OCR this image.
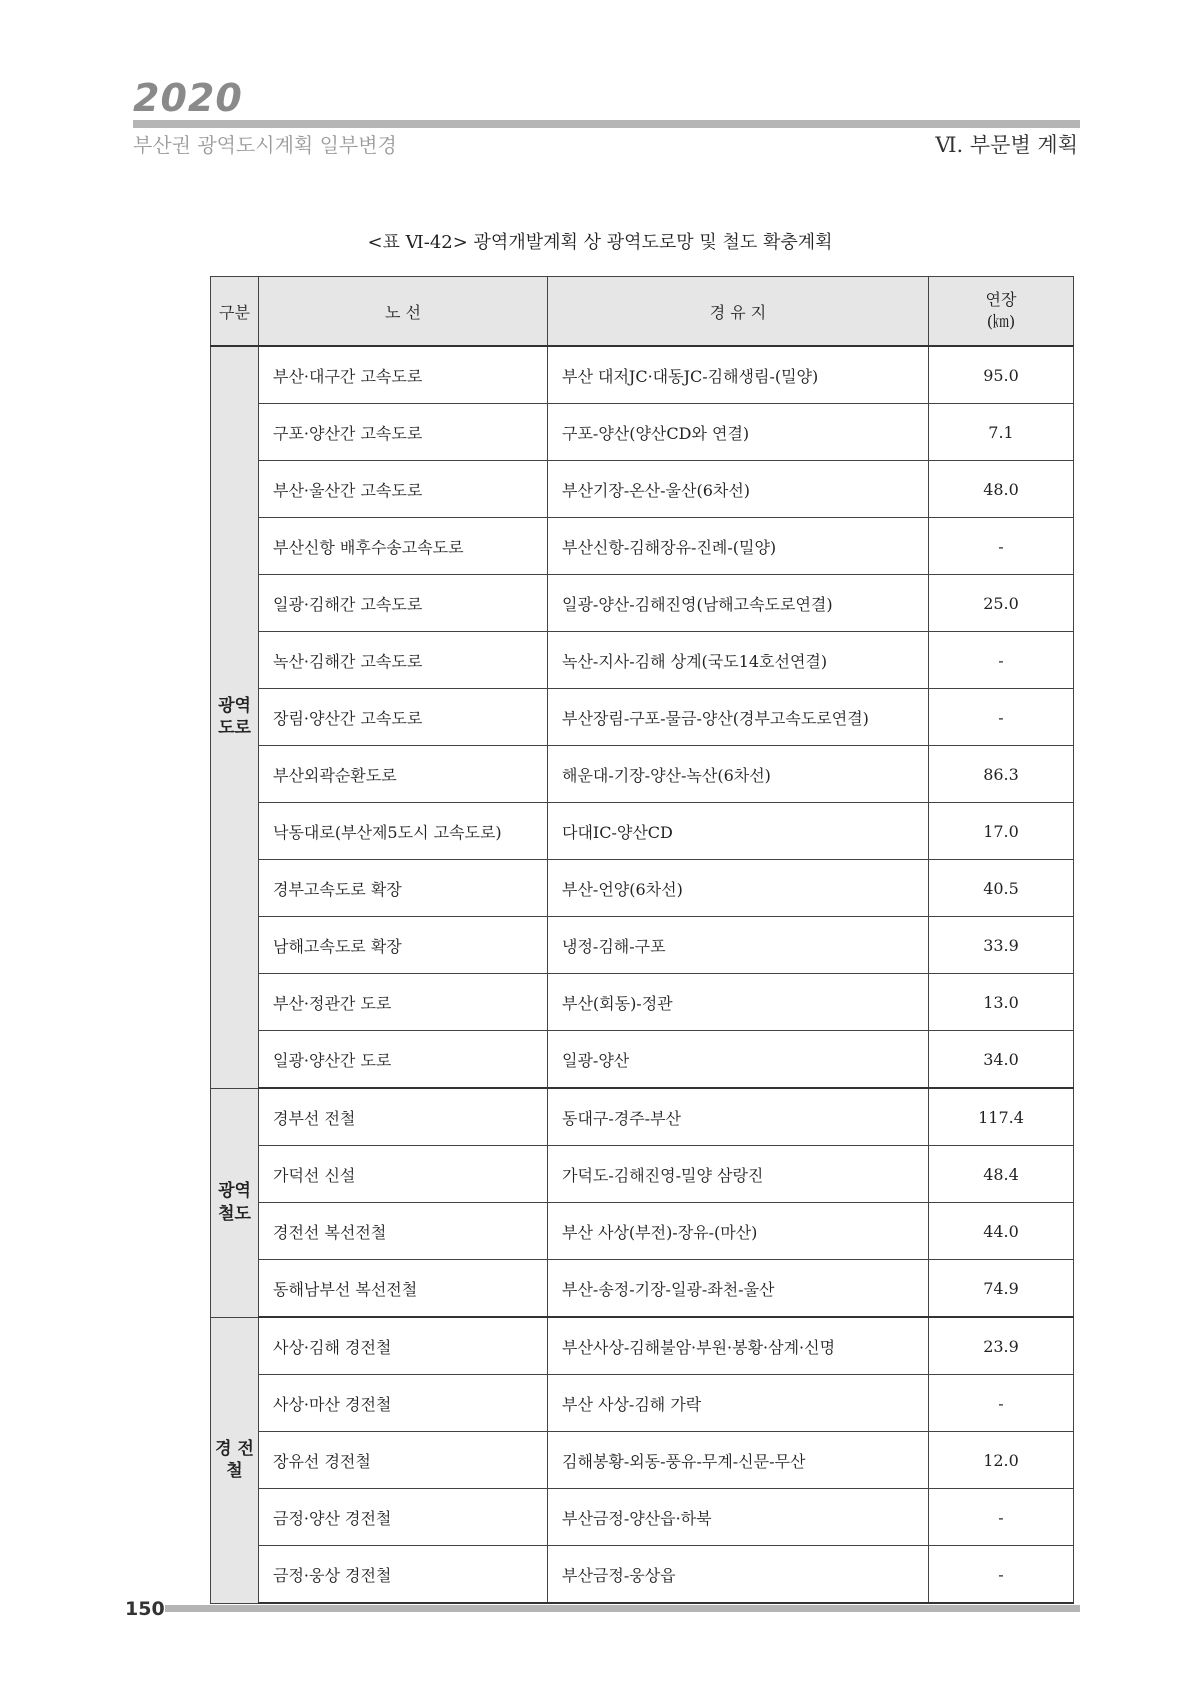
2020
부산권 광역도시계획 일부변경	Ⅵ. 부문별 계획
<표 Ⅵ-42> 광역개발계획 상 광역도로망 및 철도 확충계획
구분	노 선	경 유 지	연장
(㎞)
광역 도로	부산·대구간 고속도로	부산 대저JC·대동JC-김해생림-(밀양)	95.0
	구포·양산간 고속도로	구포-양산(양산CD와 연결)	7.1
	부산·울산간 고속도로	부산기장-온산-울산(6차선)	48.0
	부산신항 배후수송고속도로	부산신항-김해장유-진례-(밀양)	-
	일광·김해간 고속도로	일광-양산-김해진영(남해고속도로연결)	25.0
	녹산·김해간 고속도로	녹산-지사-김해 상계(국도14호선연결)	-
	장림·양산간 고속도로	부산장림-구포-물금-양산(경부고속도로연결)	-
	부산외곽순환도로	해운대-기장-양산-녹산(6차선)	86.3
	낙동대로(부산제5도시 고속도로)	다대IC-양산CD	17.0
	경부고속도로 확장	부산-언양(6차선)	40.5
	남해고속도로 확장	냉정-김해-구포	33.9
	부산·정관간 도로	부산(회동)-정관	13.0
	일광·양산간 도로	일광-양산	34.0
광역 철도	경부선 전철	동대구-경주-부산	117.4
	가덕선 신설	가덕도-김해진영-밀양 삼랑진	48.4
	경전선 복선전철	부산 사상(부전)-장유-(마산)	44.0
	동해남부선 복선전철	부산-송정-기장-일광-좌천-울산	74.9
경 전 철	사상·김해 경전철	부산사상-김해불암·부원·봉황·삼계·신명	23.9
	사상·마산 경전철	부산 사상-김해 가락	-
	장유선 경전철	김해봉황-외동-풍유-무계-신문-무산	12.0
	금정·양산 경전철	부산금정-양산읍·하북	-
	금정·웅상 경전철	부산금정-웅상읍	-
150
